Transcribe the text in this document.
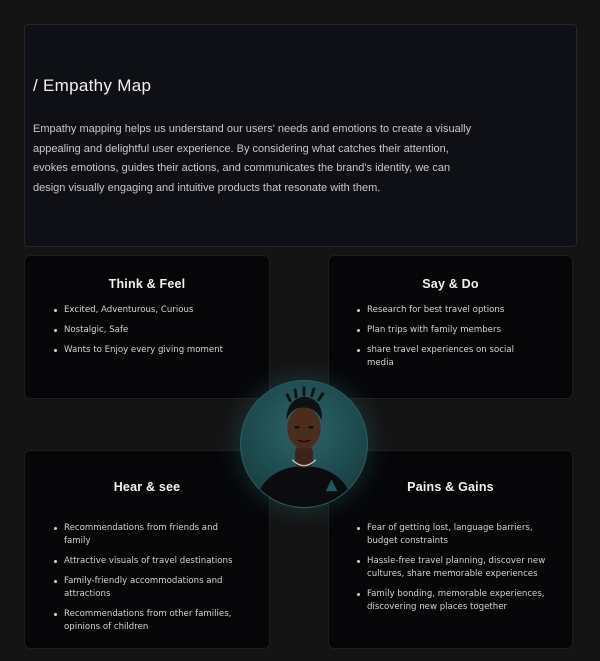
/ Empathy Map

Empathy mapping helps us understand our users' needs and emotions to create a visually appealing and delightful user experience. By considering what catches their attention, evokes emotions, guides their actions, and communicates the brand's identity, we can design visually engaging and intuitive products that resonate with them.

Think & Feel
Excited, Adventurous, Curious
Nostalgic, Safe
Wants to Enjoy every giving moment
Say & Do
Research for best travel options
Plan trips with family members
share travel experiences on social media
Hear & see
Recommendations from friends and family
Attractive visuals of travel destinations
Family-friendly accommodations and attractions
Recommendations from other families, opinions of children
Pains & Gains
Fear of getting lost, language barriers, budget constraints
Hassle-free travel planning, discover new cultures, share memorable experiences
Family bonding, memorable experiences, discovering new places together
